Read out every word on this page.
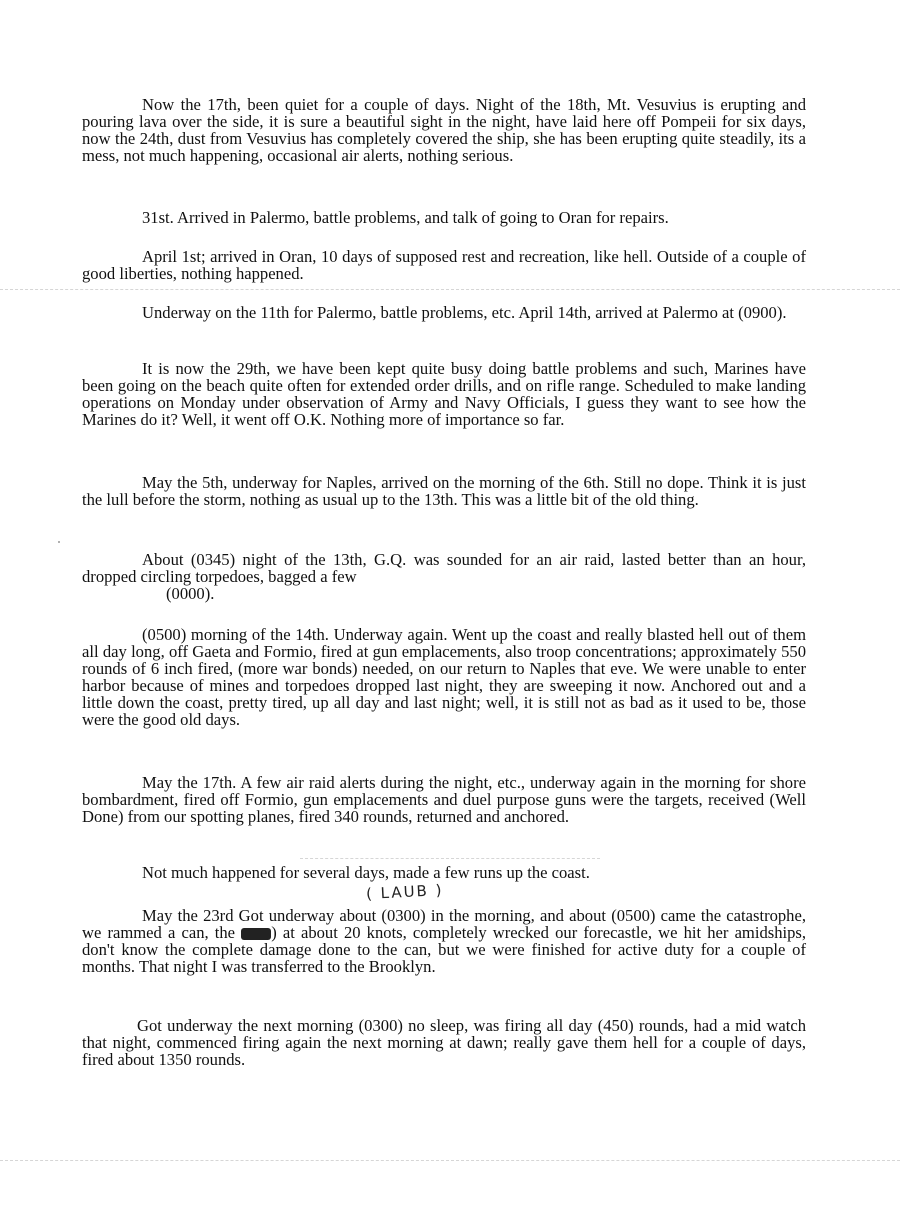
Now the 17th, been quiet for a couple of days. Night of the 18th, Mt. Vesuvius is erupting and pouring lava over the side, it is sure a beautiful sight in the night, have laid here off Pompeii for six days, now the 24th, dust from Vesuvius has completely covered the ship, she has been erupting quite steadily, its a mess, not much happening, occasional air alerts, nothing serious.

31st. Arrived in Palermo, battle problems, and talk of going to Oran for repairs.

April 1st; arrived in Oran, 10 days of supposed rest and recreation, like hell. Outside of a couple of good liberties, nothing happened.

Underway on the 11th for Palermo, battle problems, etc. April 14th, arrived at Palermo at (0900).

It is now the 29th, we have been kept quite busy doing battle problems and such, Marines have been going on the beach quite often for extended order drills, and on rifle range. Scheduled to make landing operations on Monday under observation of Army and Navy Officials, I guess they want to see how the Marines do it? Well, it went off O.K. Nothing more of importance so far.

May the 5th, underway for Naples, arrived on the morning of the 6th. Still no dope. Think it is just the lull before the storm, nothing as usual up to the 13th. This was a little bit of the old thing.

About (0345) night of the 13th, G.Q. was sounded for an air raid, lasted better than an hour, dropped circling torpedoes, bagged a few

(0000).

(0500) morning of the 14th. Underway again. Went up the coast and really blasted hell out of them all day long, off Gaeta and Formio, fired at gun emplacements, also troop concentrations; approximately 550 rounds of 6 inch fired, (more war bonds) needed, on our return to Naples that eve. We were unable to enter harbor because of mines and torpedoes dropped last night, they are sweeping it now. Anchored out and a little down the coast, pretty tired, up all day and last night; well, it is still not as bad as it used to be, those were the good old days.

May the 17th. A few air raid alerts during the night, etc., underway again in the morning for shore bombardment, fired off Formio, gun emplacements and duel purpose guns were the targets, received (Well Done) from our spotting planes, fired 340 rounds, returned and anchored.

Not much happened for several days, made a few runs up the coast.

( LAUB )

May the 23rd Got underway about (0300) in the morning, and about (0500) came the catastrophe, we rammed a can, the ) at about 20 knots, completely wrecked our forecastle, we hit her amidships, don't know the complete damage done to the can, but we were finished for active duty for a couple of months. That night I was transferred to the Brooklyn.

Got underway the next morning (0300) no sleep, was firing all day (450) rounds, had a mid watch that night, commenced firing again the next morning at dawn; really gave them hell for a couple of days, fired about 1350 rounds.
